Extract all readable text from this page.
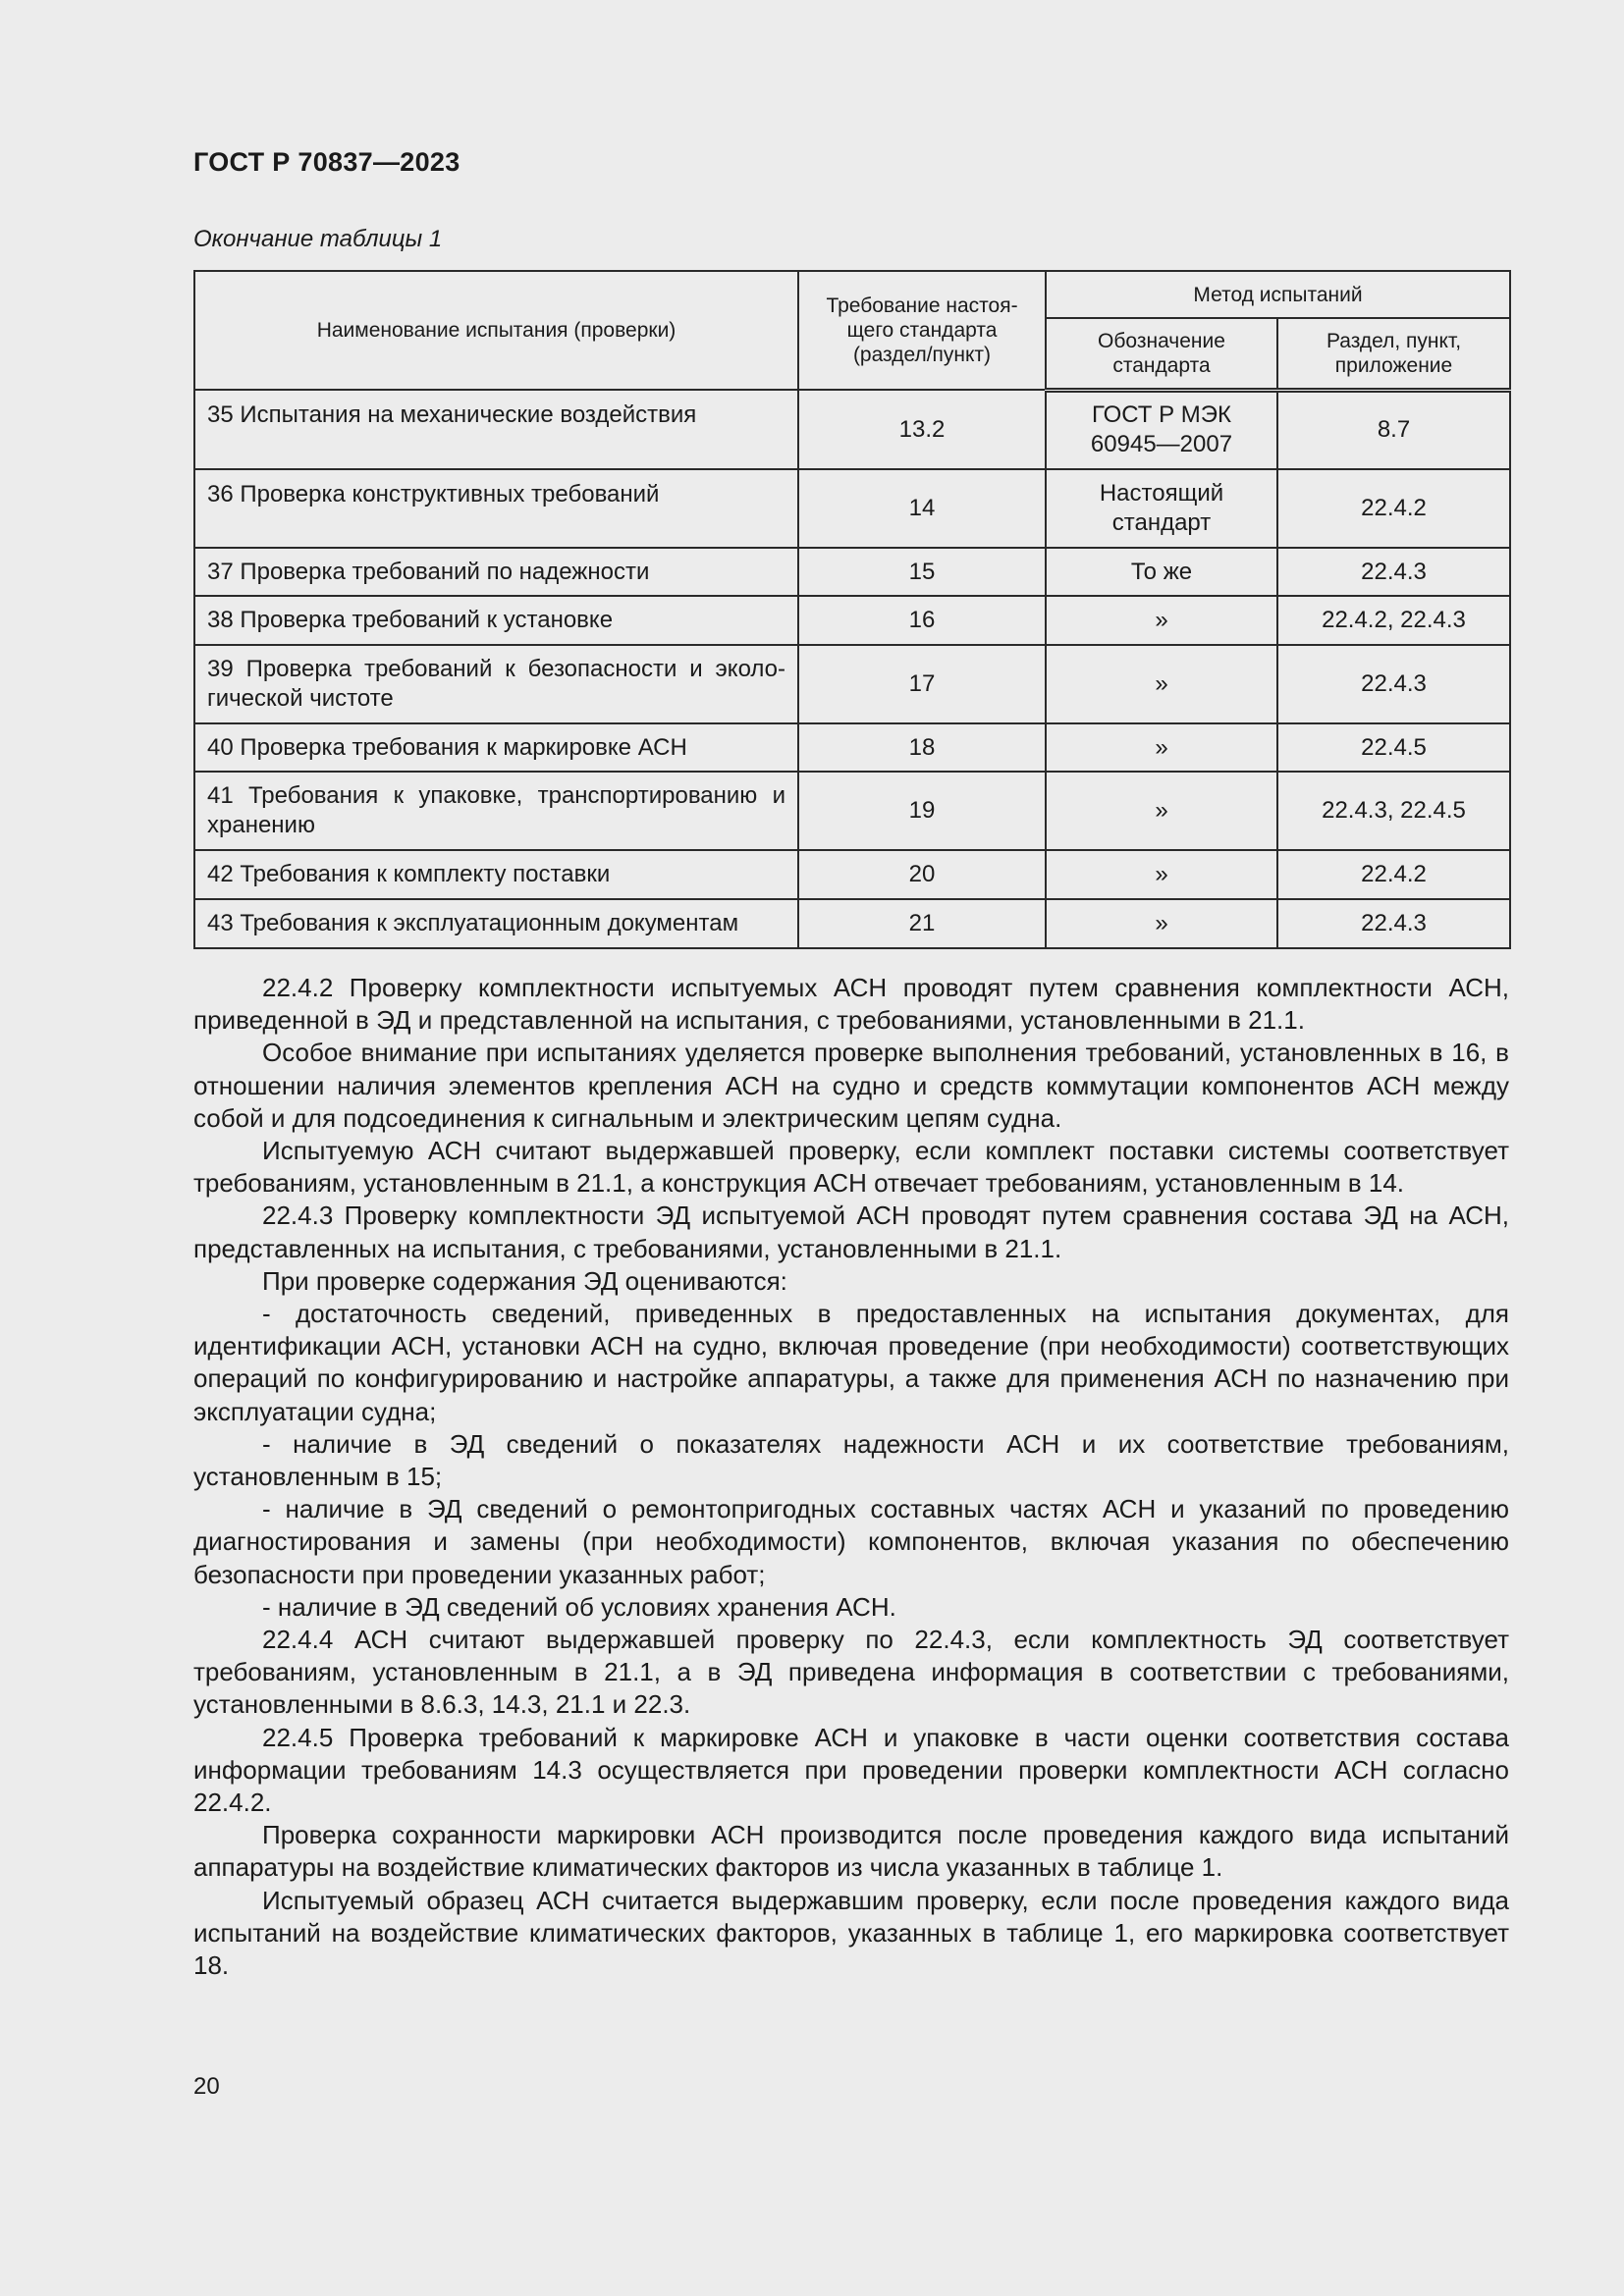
ГОСТ Р 70837—2023
Окончание таблицы 1
Наименование испытания (проверки)	Требование настоя-щего стандарта (раздел/пункт)	Метод испытаний	
		Обозначение стандарта	Раздел, пункт, приложение
35 Испытания на механические воздействия	13.2	ГОСТ Р МЭК 60945—2007	8.7
36 Проверка конструктивных требований	14	Настоящий стандарт	22.4.2
37 Проверка требований по надежности	15	То же	22.4.3
38 Проверка требований к установке	16	»	22.4.2, 22.4.3
39 Проверка требований к безопасности и эколо-гической чистоте	17	»	22.4.3
40 Проверка требования к маркировке АСН	18	»	22.4.5
41 Требования к упаковке, транспортированию и хранению	19	»	22.4.3, 22.4.5
42 Требования к комплекту поставки	20	»	22.4.2
43 Требования к эксплуатационным документам	21	»	22.4.3

22.4.2 Проверку комплектности испытуемых АСН проводят путем сравнения комплектности АСН, приведенной в ЭД и представленной на испытания, с требованиями, установленными в 21.1.

Особое внимание при испытаниях уделяется проверке выполнения требований, установленных в 16, в отношении наличия элементов крепления АСН на судно и средств коммутации компонентов АСН между собой и для подсоединения к сигнальным и электрическим цепям судна.

Испытуемую АСН считают выдержавшей проверку, если комплект поставки системы соответствует требованиям, установленным в 21.1, а конструкция АСН отвечает требованиям, установленным в 14.

22.4.3 Проверку комплектности ЭД испытуемой АСН проводят путем сравнения состава ЭД на АСН, представленных на испытания, с требованиями, установленными в 21.1.

При проверке содержания ЭД оцениваются:

- достаточность сведений, приведенных в предоставленных на испытания документах, для идентификации АСН, установки АСН на судно, включая проведение (при необходимости) соответствующих операций по конфигурированию и настройке аппаратуры, а также для применения АСН по назначению при эксплуатации судна;

- наличие в ЭД сведений о показателях надежности АСН и их соответствие требованиям, установленным в 15;

- наличие в ЭД сведений о ремонтопригодных составных частях АСН и указаний по проведению диагностирования и замены (при необходимости) компонентов, включая указания по обеспечению безопасности при проведении указанных работ;

- наличие в ЭД сведений об условиях хранения АСН.

22.4.4 АСН считают выдержавшей проверку по 22.4.3, если комплектность ЭД соответствует требованиям, установленным в 21.1, а в ЭД приведена информация в соответствии с требованиями, установленными в 8.6.3, 14.3, 21.1 и 22.3.

22.4.5 Проверка требований к маркировке АСН и упаковке в части оценки соответствия состава информации требованиям 14.3 осуществляется при проведении проверки комплектности АСН согласно 22.4.2.

Проверка сохранности маркировки АСН производится после проведения каждого вида испытаний аппаратуры на воздействие климатических факторов из числа указанных в таблице 1.

Испытуемый образец АСН считается выдержавшим проверку, если после проведения каждого вида испытаний на воздействие климатических факторов, указанных в таблице 1, его маркировка соответствует 18.

20
